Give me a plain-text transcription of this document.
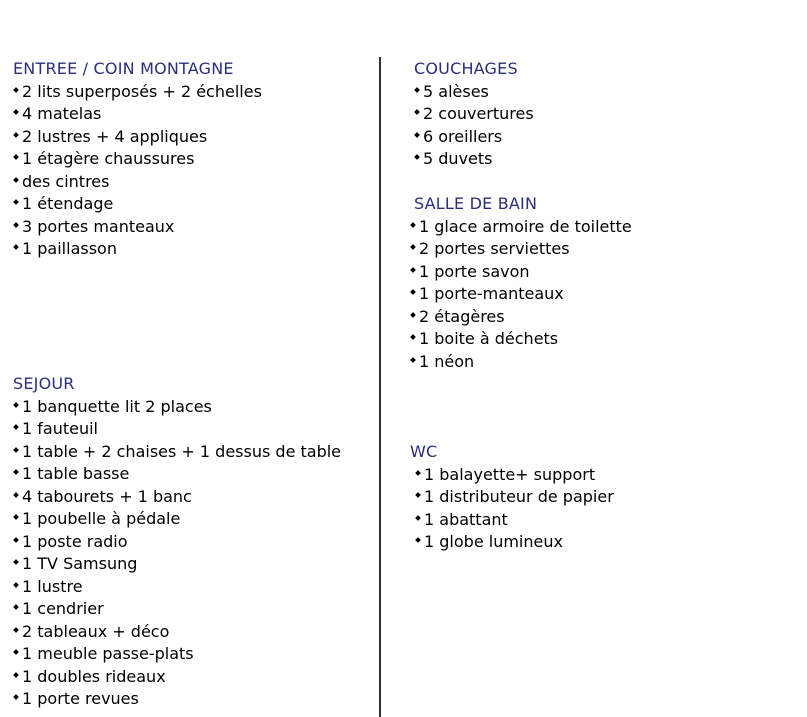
ENTREE / COIN MONTAGNE
2 lits superposés + 2 échelles
4 matelas
2 lustres + 4 appliques
1 étagère chaussures
des cintres
1 étendage
3 portes manteaux
1 paillasson
SEJOUR
1 banquette lit 2 places
1 fauteuil
1 table + 2 chaises + 1 dessus de table
1 table basse
4 tabourets + 1 banc
1 poubelle à pédale
1 poste radio
1 TV Samsung
1 lustre
1 cendrier
2 tableaux + déco
1 meuble passe-plats
1 doubles rideaux
1 porte revues
COUCHAGES
5 alèses
2 couvertures
6 oreillers
5 duvets
SALLE DE BAIN
1 glace armoire de toilette
2 portes serviettes
1 porte savon
1 porte-manteaux
2 étagères
1 boite à déchets
1 néon
WC
1 balayette+ support
1 distributeur de papier
1 abattant
1 globe lumineux
